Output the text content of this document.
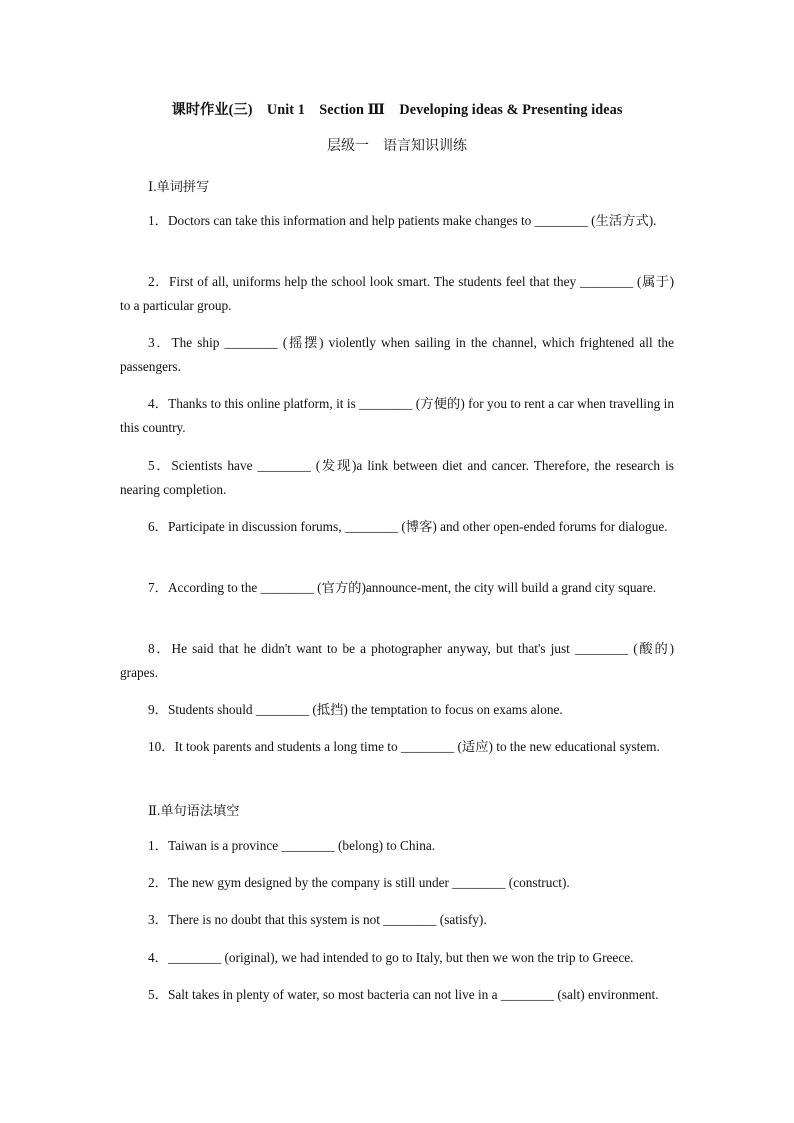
课时作业(三)　Unit 1　Section Ⅲ　Developing ideas & Presenting ideas
层级一　语言知识训练
Ⅰ.单词拼写

1．Doctors can take this information and help patients make changes to ________ (生活方式).

2．First of all, uniforms help the school look smart. The students feel that they ________ (属于) to a particular group.

3．The ship ________ (摇摆) violently when sailing in the channel, which frightened all the passengers.

4．Thanks to this online platform, it is ________ (方便的) for you to rent a car when travelling in this country.

5．Scientists have ________ (发现)a link between diet and cancer. Therefore, the research is nearing completion.

6．Participate in discussion forums, ________ (博客) and other open-ended forums for dialogue.

7．According to the ________ (官方的)announce-ment, the city will build a grand city square.

8．He said that he didn't want to be a photographer anyway, but that's just ________ (酸的) grapes.

9．Students should ________ (抵挡) the temptation to focus on exams alone.

10．It took parents and students a long time to ________ (适应) to the new educational system.

Ⅱ.单句语法填空

1．Taiwan is a province ________ (belong) to China.

2．The new gym designed by the company is still under ________ (construct).

3．There is no doubt that this system is not ________ (satisfy).

4．________ (original), we had intended to go to Italy, but then we won the trip to Greece.

5．Salt takes in plenty of water, so most bacteria can not live in a ________ (salt) environment.
